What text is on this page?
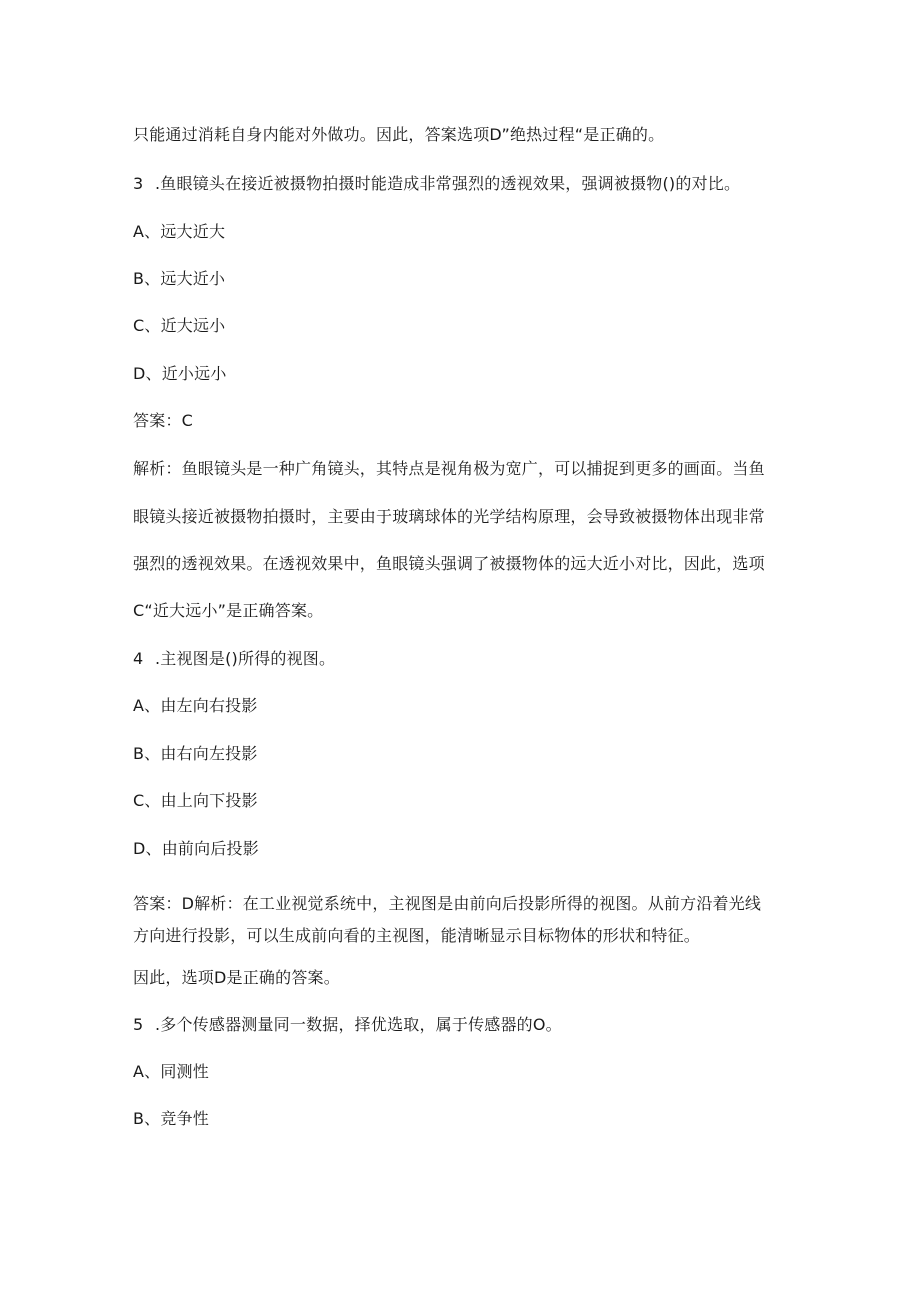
只能通过消耗自身内能对外做功。因此，答案选项D”绝热过程“是正确的。
3 .鱼眼镜头在接近被摄物拍摄时能造成非常强烈的透视效果，强调被摄物()的对比。
A、远大近大
B、远大近小
C、近大远小
D、近小远小
答案：C
解析：鱼眼镜头是一种广角镜头，其特点是视角极为宽广，可以捕捉到更多的画面。当鱼
眼镜头接近被摄物拍摄时，主要由于玻璃球体的光学结构原理，会导致被摄物体出现非常
强烈的透视效果。在透视效果中，鱼眼镜头强调了被摄物体的远大近小对比，因此，选项
C“近大远小”是正确答案。
4 .主视图是()所得的视图。
A、由左向右投影
B、由右向左投影
C、由上向下投影
D、由前向后投影
答案：D解析：在工业视觉系统中，主视图是由前向后投影所得的视图。从前方沿着光线
方向进行投影，可以生成前向看的主视图，能清晰显示目标物体的形状和特征。
因此，选项D是正确的答案。
5 .多个传感器测量同一数据，择优选取，属于传感器的O。
A、同测性
B、竞争性
